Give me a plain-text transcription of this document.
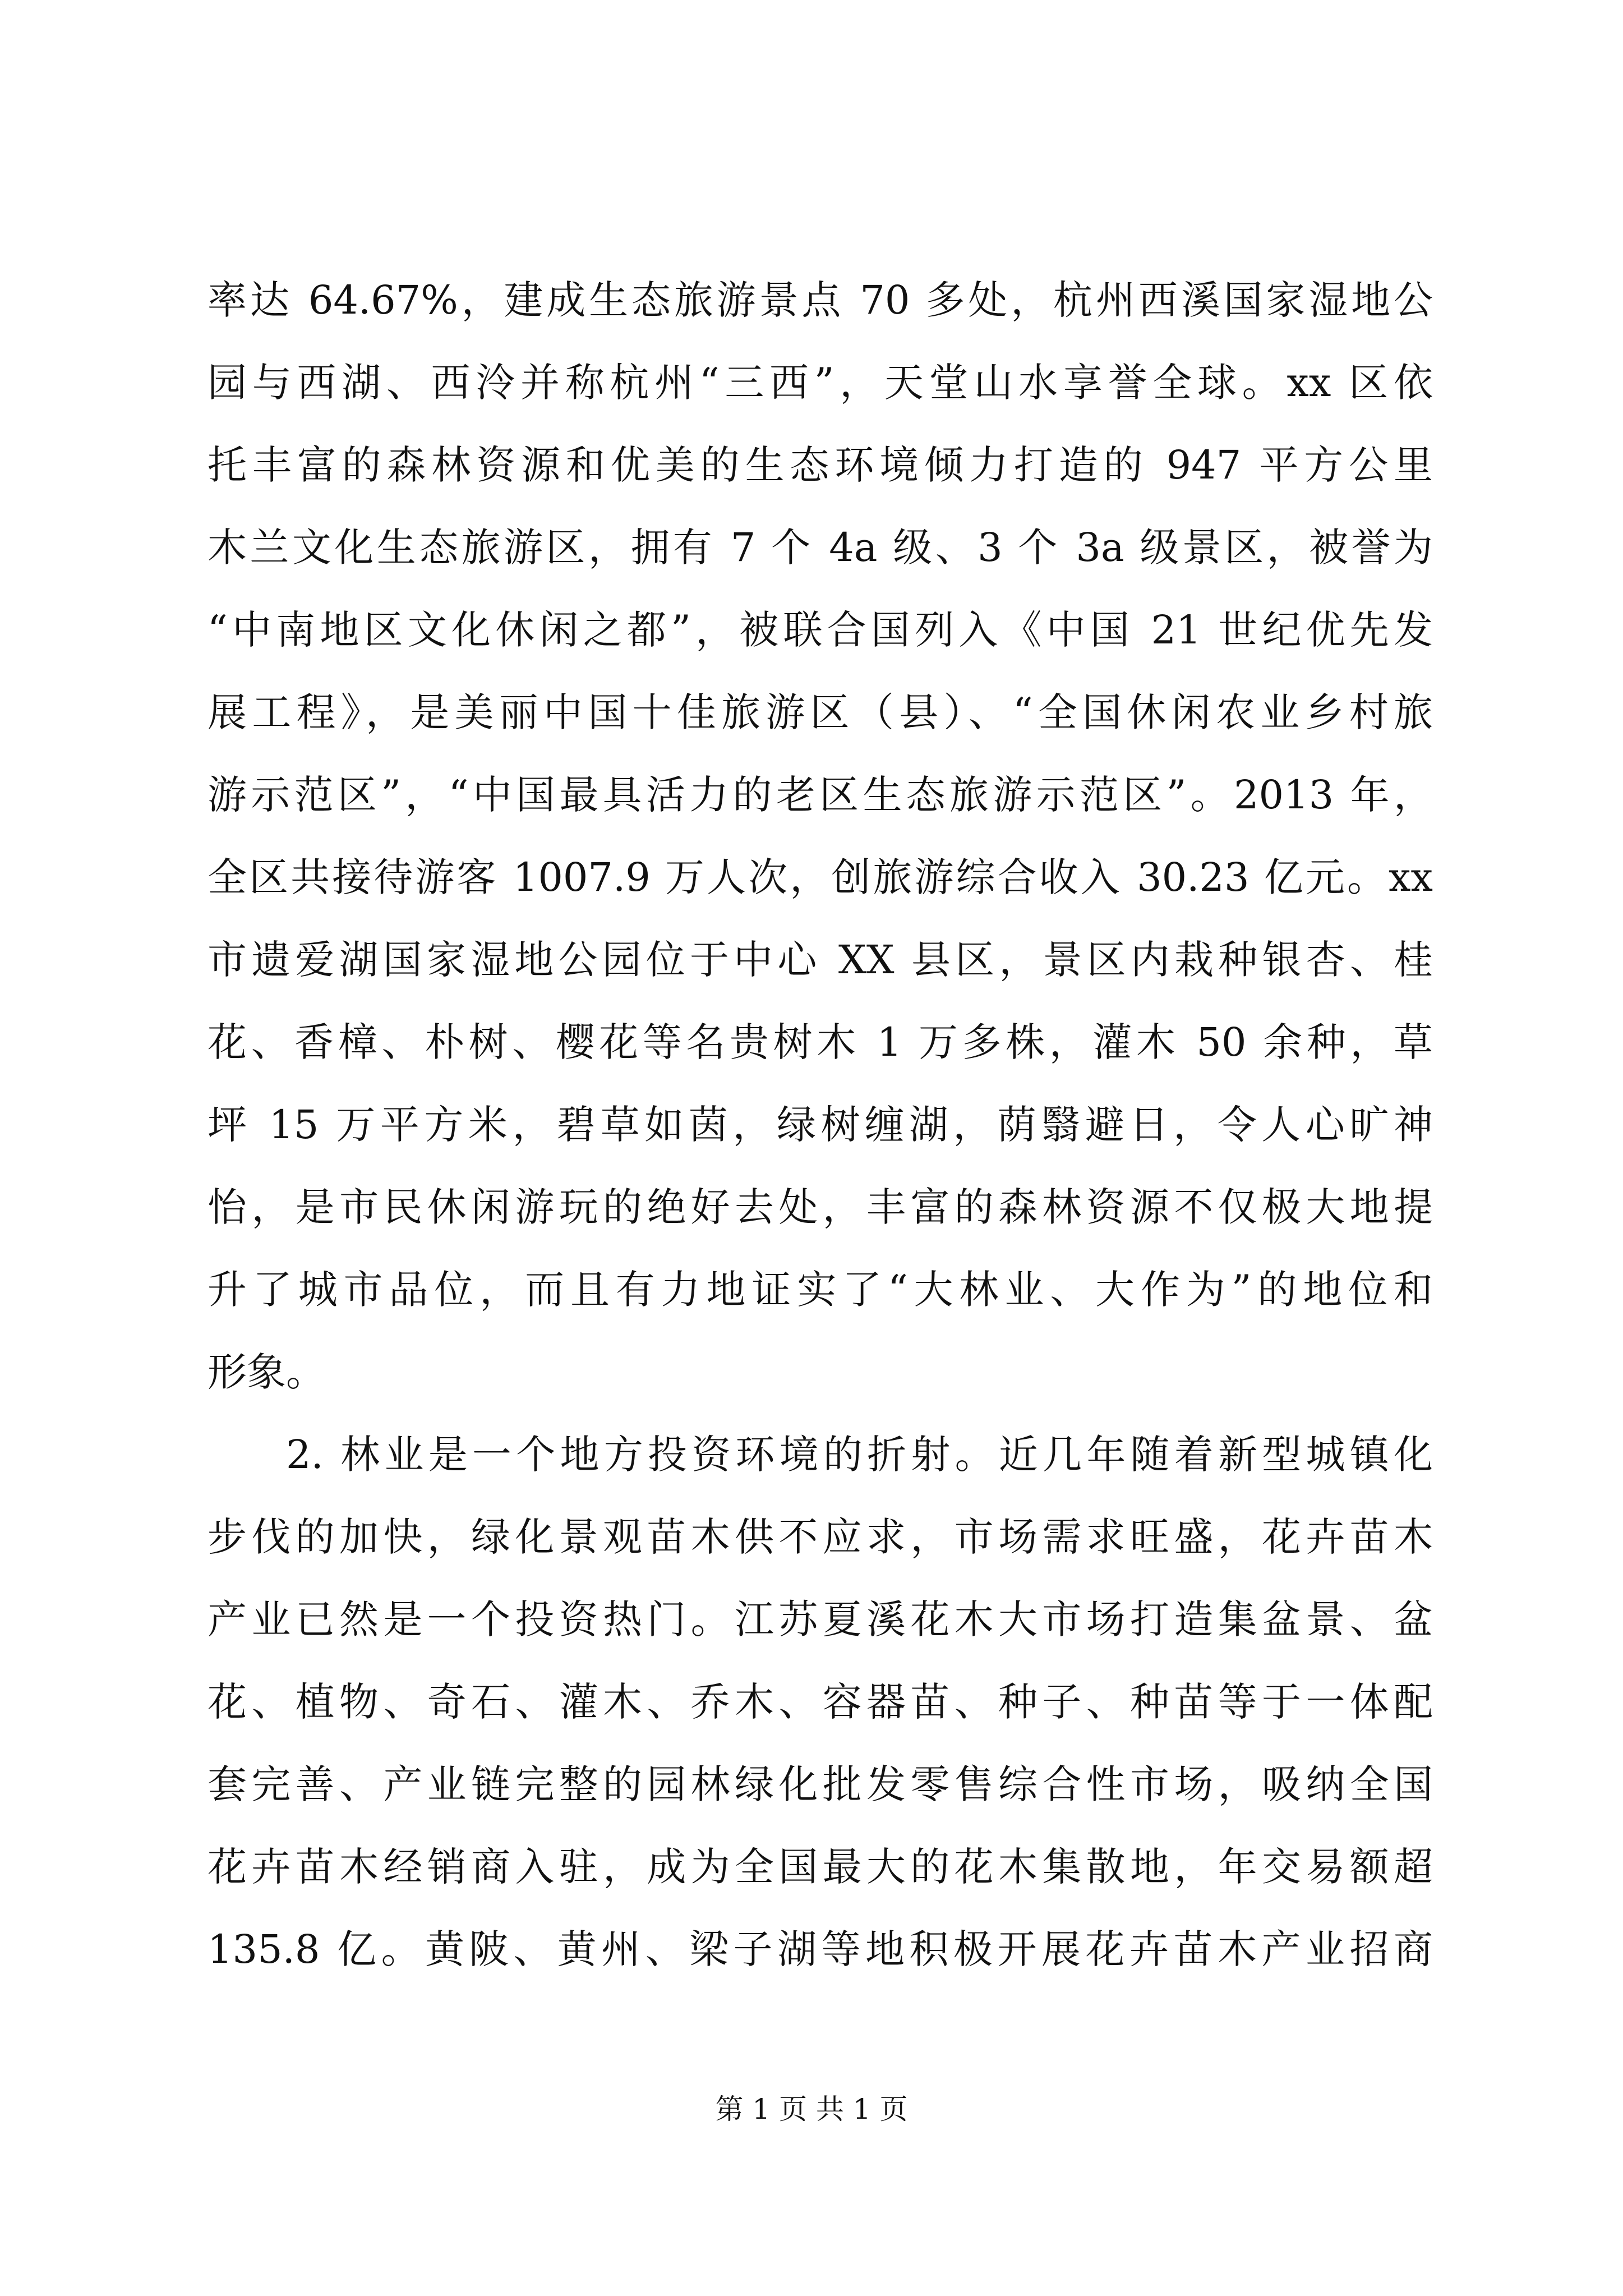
率达 64.67%，建成生态旅游景点 70 多处，杭州西溪国家湿地公
园与西湖、西泠并称杭州“三西”，天堂山水享誉全球。xx 区依
托丰富的森林资源和优美的生态环境倾力打造的 947 平方公里
木兰文化生态旅游区，拥有 7 个 4a 级、3 个 3a 级景区，被誉为
“中南地区文化休闲之都”，被联合国列入《中国 21 世纪优先发
展工程》，是美丽中国十佳旅游区（县）、“全国休闲农业乡村旅
游示范区”，“中国最具活力的老区生态旅游示范区”。2013 年，
全区共接待游客 1007.9 万人次，创旅游综合收入 30.23 亿元。xx
市遗爱湖国家湿地公园位于中心 XX 县区，景区内栽种银杏、桂
花、香樟、朴树、樱花等名贵树木 1 万多株，灌木 50 余种，草
坪 15 万平方米，碧草如茵，绿树缠湖，荫翳避日，令人心旷神
怡，是市民休闲游玩的绝好去处，丰富的森林资源不仅极大地提
升了城市品位，而且有力地证实了“大林业、大作为”的地位和
形象。
2. 林业是一个地方投资环境的折射。近几年随着新型城镇化
步伐的加快，绿化景观苗木供不应求，市场需求旺盛，花卉苗木
产业已然是一个投资热门。江苏夏溪花木大市场打造集盆景、盆
花、植物、奇石、灌木、乔木、容器苗、种子、种苗等于一体配
套完善、产业链完整的园林绿化批发零售综合性市场，吸纳全国
花卉苗木经销商入驻，成为全国最大的花木集散地，年交易额超
135.8 亿。黄陂、黄州、梁子湖等地积极开展花卉苗木产业招商
第 1 页 共 1 页
